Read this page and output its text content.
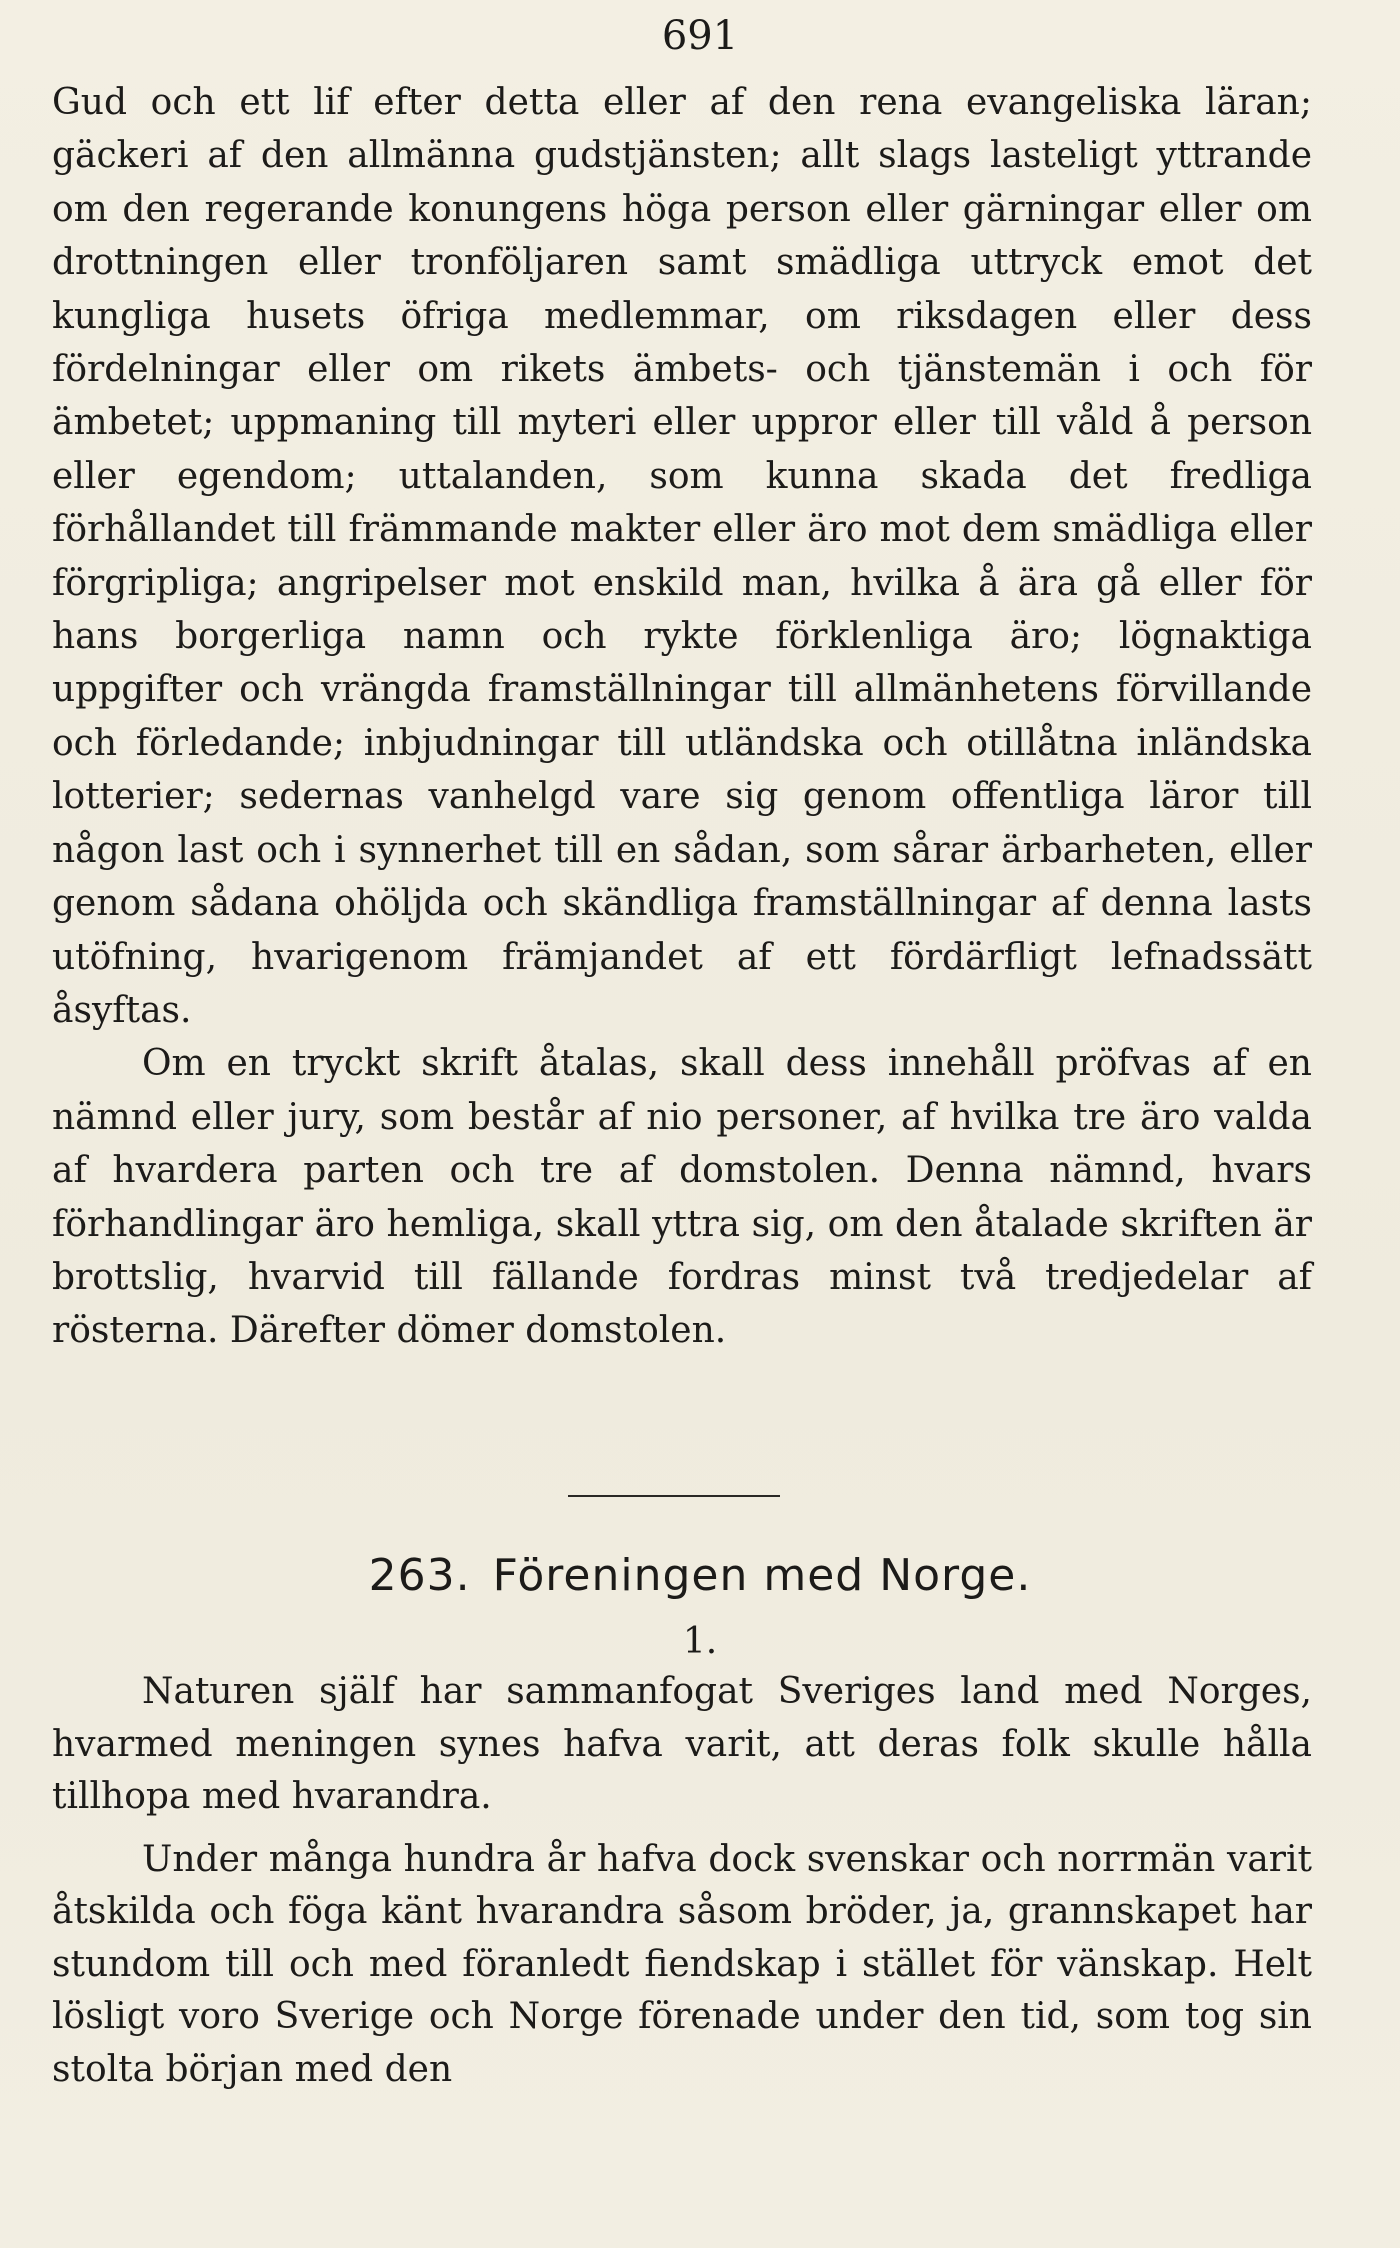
691

Gud och ett lif efter detta eller af den rena evangeliska läran; gäckeri af den allmänna gudstjänsten; allt slags lasteligt yttrande om den regerande konungens höga person eller gärningar eller om drottningen eller tronföljaren samt smädliga uttryck emot det kungliga husets öfriga medlemmar, om riksdagen eller dess fördelningar eller om rikets ämbets- och tjänstemän i och för ämbetet; uppmaning till myteri eller uppror eller till våld å person eller egendom; uttalanden, som kunna skada det fredliga förhållandet till främmande makter eller äro mot dem smädliga eller förgripliga; angripelser mot enskild man, hvilka å ära gå eller för hans borgerliga namn och rykte förklenliga äro; lögnaktiga uppgifter och vrängda framställningar till allmänhetens förvillande och förledande; inbjudningar till utländska och otillåtna inländska lotterier; sedernas vanhelgd vare sig genom offentliga läror till någon last och i synnerhet till en sådan, som sårar ärbarheten, eller genom sådana ohöljda och skändliga framställningar af denna lasts utöfning, hvarigenom främjandet af ett fördärfligt lefnadssätt åsyftas.

Om en tryckt skrift åtalas, skall dess innehåll pröfvas af en nämnd eller jury, som består af nio personer, af hvilka tre äro valda af hvardera parten och tre af domstolen. Denna nämnd, hvars förhandlingar äro hemliga, skall yttra sig, om den åtalade skriften är brottslig, hvarvid till fällande fordras minst två tredjedelar af rösterna. Därefter dömer domstolen.

263. Föreningen med Norge.
1.

Naturen själf har sammanfogat Sveriges land med Norges, hvarmed meningen synes hafva varit, att deras folk skulle hålla tillhopa med hvarandra.

Under många hundra år hafva dock svenskar och norrmän varit åtskilda och föga känt hvarandra såsom bröder, ja, grannskapet har stundom till och med föranledt fiendskap i stället för vänskap. Helt lösligt voro Sverige och Norge förenade under den tid, som tog sin stolta början med den
